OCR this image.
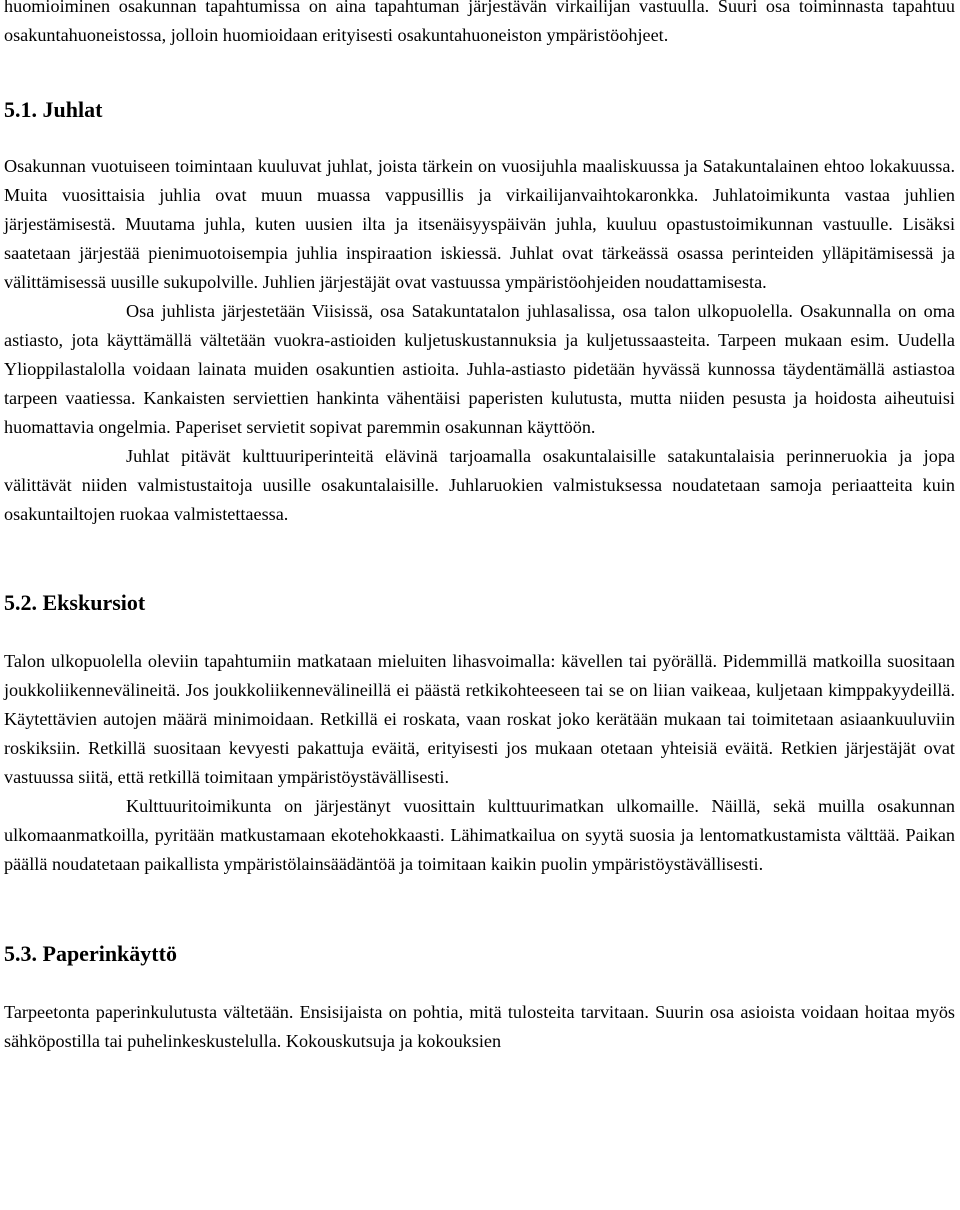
huomioiminen osakunnan tapahtumissa on aina tapahtuman järjestävän virkailijan vastuulla. Suuri osa toiminnasta tapahtuu osakuntahuoneistossa, jolloin huomioidaan erityisesti osakuntahuoneiston ympäristöohjeet.

5.1. Juhlat

Osakunnan vuotuiseen toimintaan kuuluvat juhlat, joista tärkein on vuosijuhla maaliskuussa ja Satakuntalainen ehtoo lokakuussa. Muita vuosittaisia juhlia ovat muun muassa vappusillis ja virkailijanvaihtokaronkka. Juhlatoimikunta vastaa juhlien järjestämisestä. Muutama juhla, kuten uusien ilta ja itsenäisyyspäivän juhla, kuuluu opastustoimikunnan vastuulle. Lisäksi saatetaan järjestää pienimuotoisempia juhlia inspiraation iskiessä. Juhlat ovat tärkeässä osassa perinteiden ylläpitämisessä ja välittämisessä uusille sukupolville. Juhlien järjestäjät ovat vastuussa ympäristöohjeiden noudattamisesta.

Osa juhlista järjestetään Viisissä, osa Satakuntatalon juhlasalissa, osa talon ulkopuolella. Osakunnalla on oma astiasto, jota käyttämällä vältetään vuokra-astioiden kuljetuskustannuksia ja kuljetussaasteita. Tarpeen mukaan esim. Uudella Ylioppilastalolla voidaan lainata muiden osakuntien astioita. Juhla-astiasto pidetään hyvässä kunnossa täydentämällä astiastoa tarpeen vaatiessa. Kankaisten serviettien hankinta vähentäisi paperisten kulutusta, mutta niiden pesusta ja hoidosta aiheutuisi huomattavia ongelmia. Paperiset servietit sopivat paremmin osakunnan käyttöön.

Juhlat pitävät kulttuuriperinteitä elävinä tarjoamalla osakuntalaisille satakuntalaisia perinneruokia ja jopa välittävät niiden valmistustaitoja uusille osakuntalaisille. Juhlaruokien valmistuksessa noudatetaan samoja periaatteita kuin osakuntailtojen ruokaa valmistettaessa.

5.2. Ekskursiot

Talon ulkopuolella oleviin tapahtumiin matkataan mieluiten lihasvoimalla: kävellen tai pyörällä. Pidemmillä matkoilla suositaan joukkoliikennevälineitä. Jos joukkoliikennevälineillä ei päästä retkikohteeseen tai se on liian vaikeaa, kuljetaan kimppakyydeillä. Käytettävien autojen määrä minimoidaan. Retkillä ei roskata, vaan roskat joko kerätään mukaan tai toimitetaan asiaankuuluviin roskiksiin. Retkillä suositaan kevyesti pakattuja eväitä, erityisesti jos mukaan otetaan yhteisiä eväitä. Retkien järjestäjät ovat vastuussa siitä, että retkillä toimitaan ympäristöystävällisesti.

Kulttuuritoimikunta on järjestänyt vuosittain kulttuurimatkan ulkomaille. Näillä, sekä muilla osakunnan ulkomaanmatkoilla, pyritään matkustamaan ekotehokkaasti. Lähimatkailua on syytä suosia ja lentomatkustamista välttää. Paikan päällä noudatetaan paikallista ympäristölainsäädäntöä ja toimitaan kaikin puolin ympäristöystävällisesti.

5.3. Paperinkäyttö

Tarpeetonta paperinkulutusta vältetään. Ensisijaista on pohtia, mitä tulosteita tarvitaan. Suurin osa asioista voidaan hoitaa myös sähköpostilla tai puhelinkeskustelulla. Kokouskutsuja ja kokouksien
